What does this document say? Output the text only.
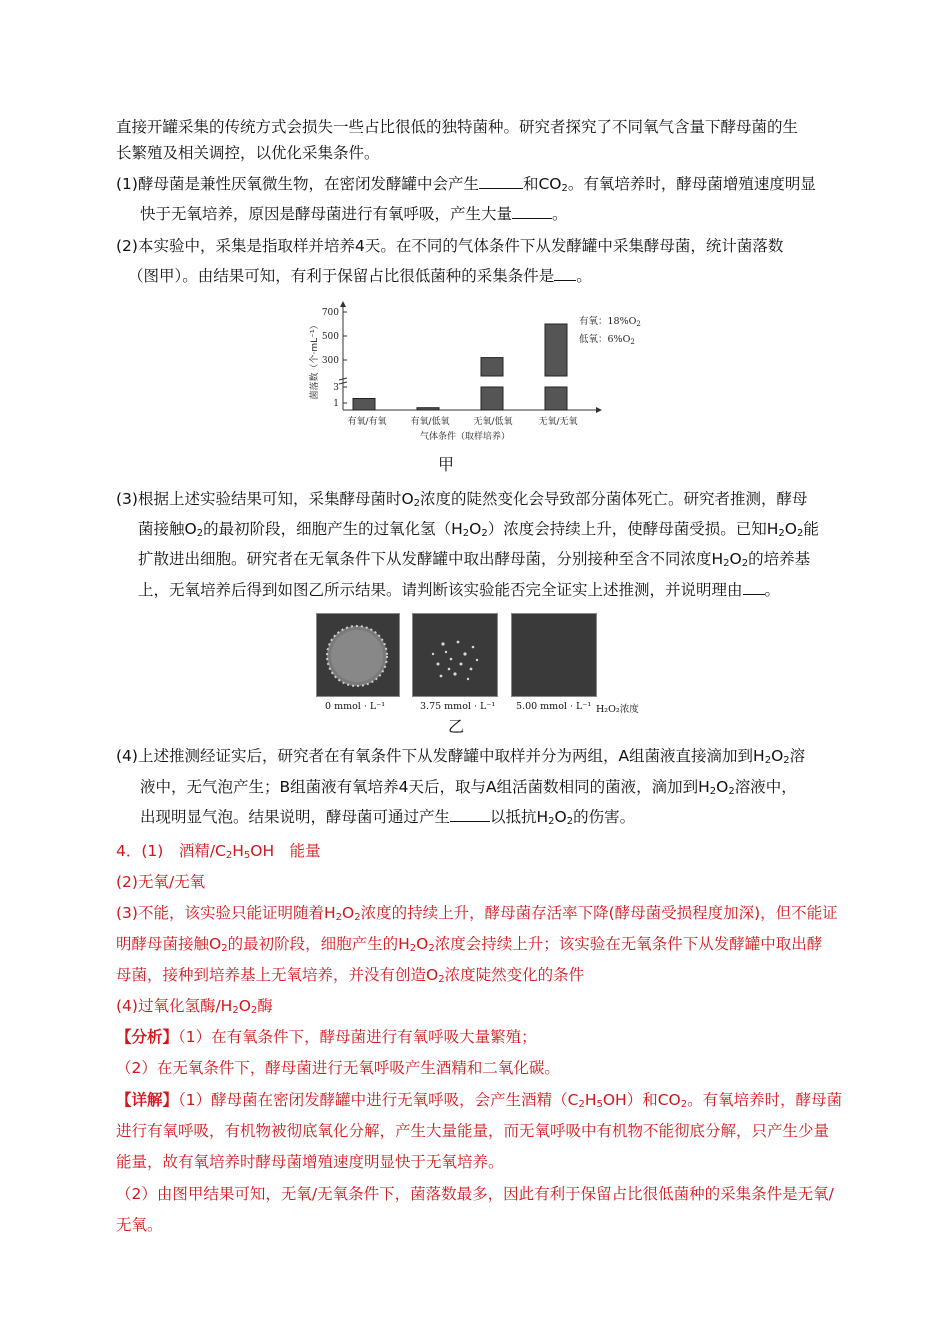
直接开罐采集的传统方式会损失一些占比很低的独特菌种。研究者探究了不同氧气含量下酵母菌的生
长繁殖及相关调控，以优化采集条件。
(1)酵母菌是兼性厌氧微生物，在密闭发酵罐中会产生	和$CO_2$。有氧培养时，酵母菌增殖速度明显
快于无氧培养，原因是酵母菌进行有氧呼吸，产生大量	。
(2)本实验中，采集是指取样并培养4天。在不同的气体条件下从发酵罐中采集酵母菌，统计菌落数
（图甲）。由结果可知，有利于保留占比很低菌种的采集条件是 。
700
500
300
3
1
有氧/有氧	有氧/低氧	无氧/低氧	无氧/无氧
气体条件（取样培养）
菌落数（个·mL⁻¹）	有氧：$18\%O_2$
低氧：$6\%O_2$
甲
(3)根据上述实验结果可知，采集酵母菌时$O_2$浓度的陡然变化会导致部分菌体死亡。研究者推测，酵母
菌接触$O_2$的最初阶段，细胞产生的过氧化氢$(H_2O_2)$浓度会持续上升，使酵母菌受损。已知$H_2O_2$能
扩散进出细胞。研究者在无氧条件下从发酵罐中取出酵母菌，分别接种至含不同浓度$H_2O_2$的培养基
上，无氧培养后得到如图乙所示结果。请判断该实验能否完全证实上述推测，并说明理由 。
0 mmol · L⁻¹	3.75 mmol · L⁻¹ 5.00 mmol · L⁻¹ H₂O₂浓度
乙
(4)上述推测经证实后，研究者在有氧条件下从发酵罐中取样并分为两组，A组菌液直接滴加到$H_2O_2$溶
液中，无气泡产生；B组菌液有氧培养4天后，取与A组活菌数相同的菌液，滴加到$H_2O_2$溶液中，
出现明显气泡。结果说明，酵母菌可通过产生	以抵抗$H_2O_2$的伤害。
4．(1)　酒精$/C_2H_5OH$　能量
(2)无氧/无氧
(3)不能，该实验只能证明随着$H_2O_2$浓度的持续上升，酵母菌存活率下降(酵母菌受损程度加深)，但不能证
明酵母菌接触$O_2$的最初阶段，细胞产生的$H_2O_2$浓度会持续上升；该实验在无氧条件下从发酵罐中取出酵
母菌，接种到培养基上无氧培养，并没有创造$O_2$浓度陡然变化的条件
(4)过氧化氢酶$/H_2O_2$酶
【分析】（1）在有氧条件下，酵母菌进行有氧呼吸大量繁殖；
（2）在无氧条件下，酵母菌进行无氧呼吸产生酒精和二氧化碳。
【详解】（1）酵母菌在密闭发酵罐中进行无氧呼吸，会产生酒精$(C_2H_5OH)$和$CO_2$。有氧培养时，酵母菌
进行有氧呼吸，有机物被彻底氧化分解，产生大量能量，而无氧呼吸中有机物不能彻底分解，只产生少量
能量，故有氧培养时酵母菌增殖速度明显快于无氧培养。
（2）由图甲结果可知，无氧/无氧条件下，菌落数最多，因此有利于保留占比很低菌种的采集条件是无氧/
无氧。
